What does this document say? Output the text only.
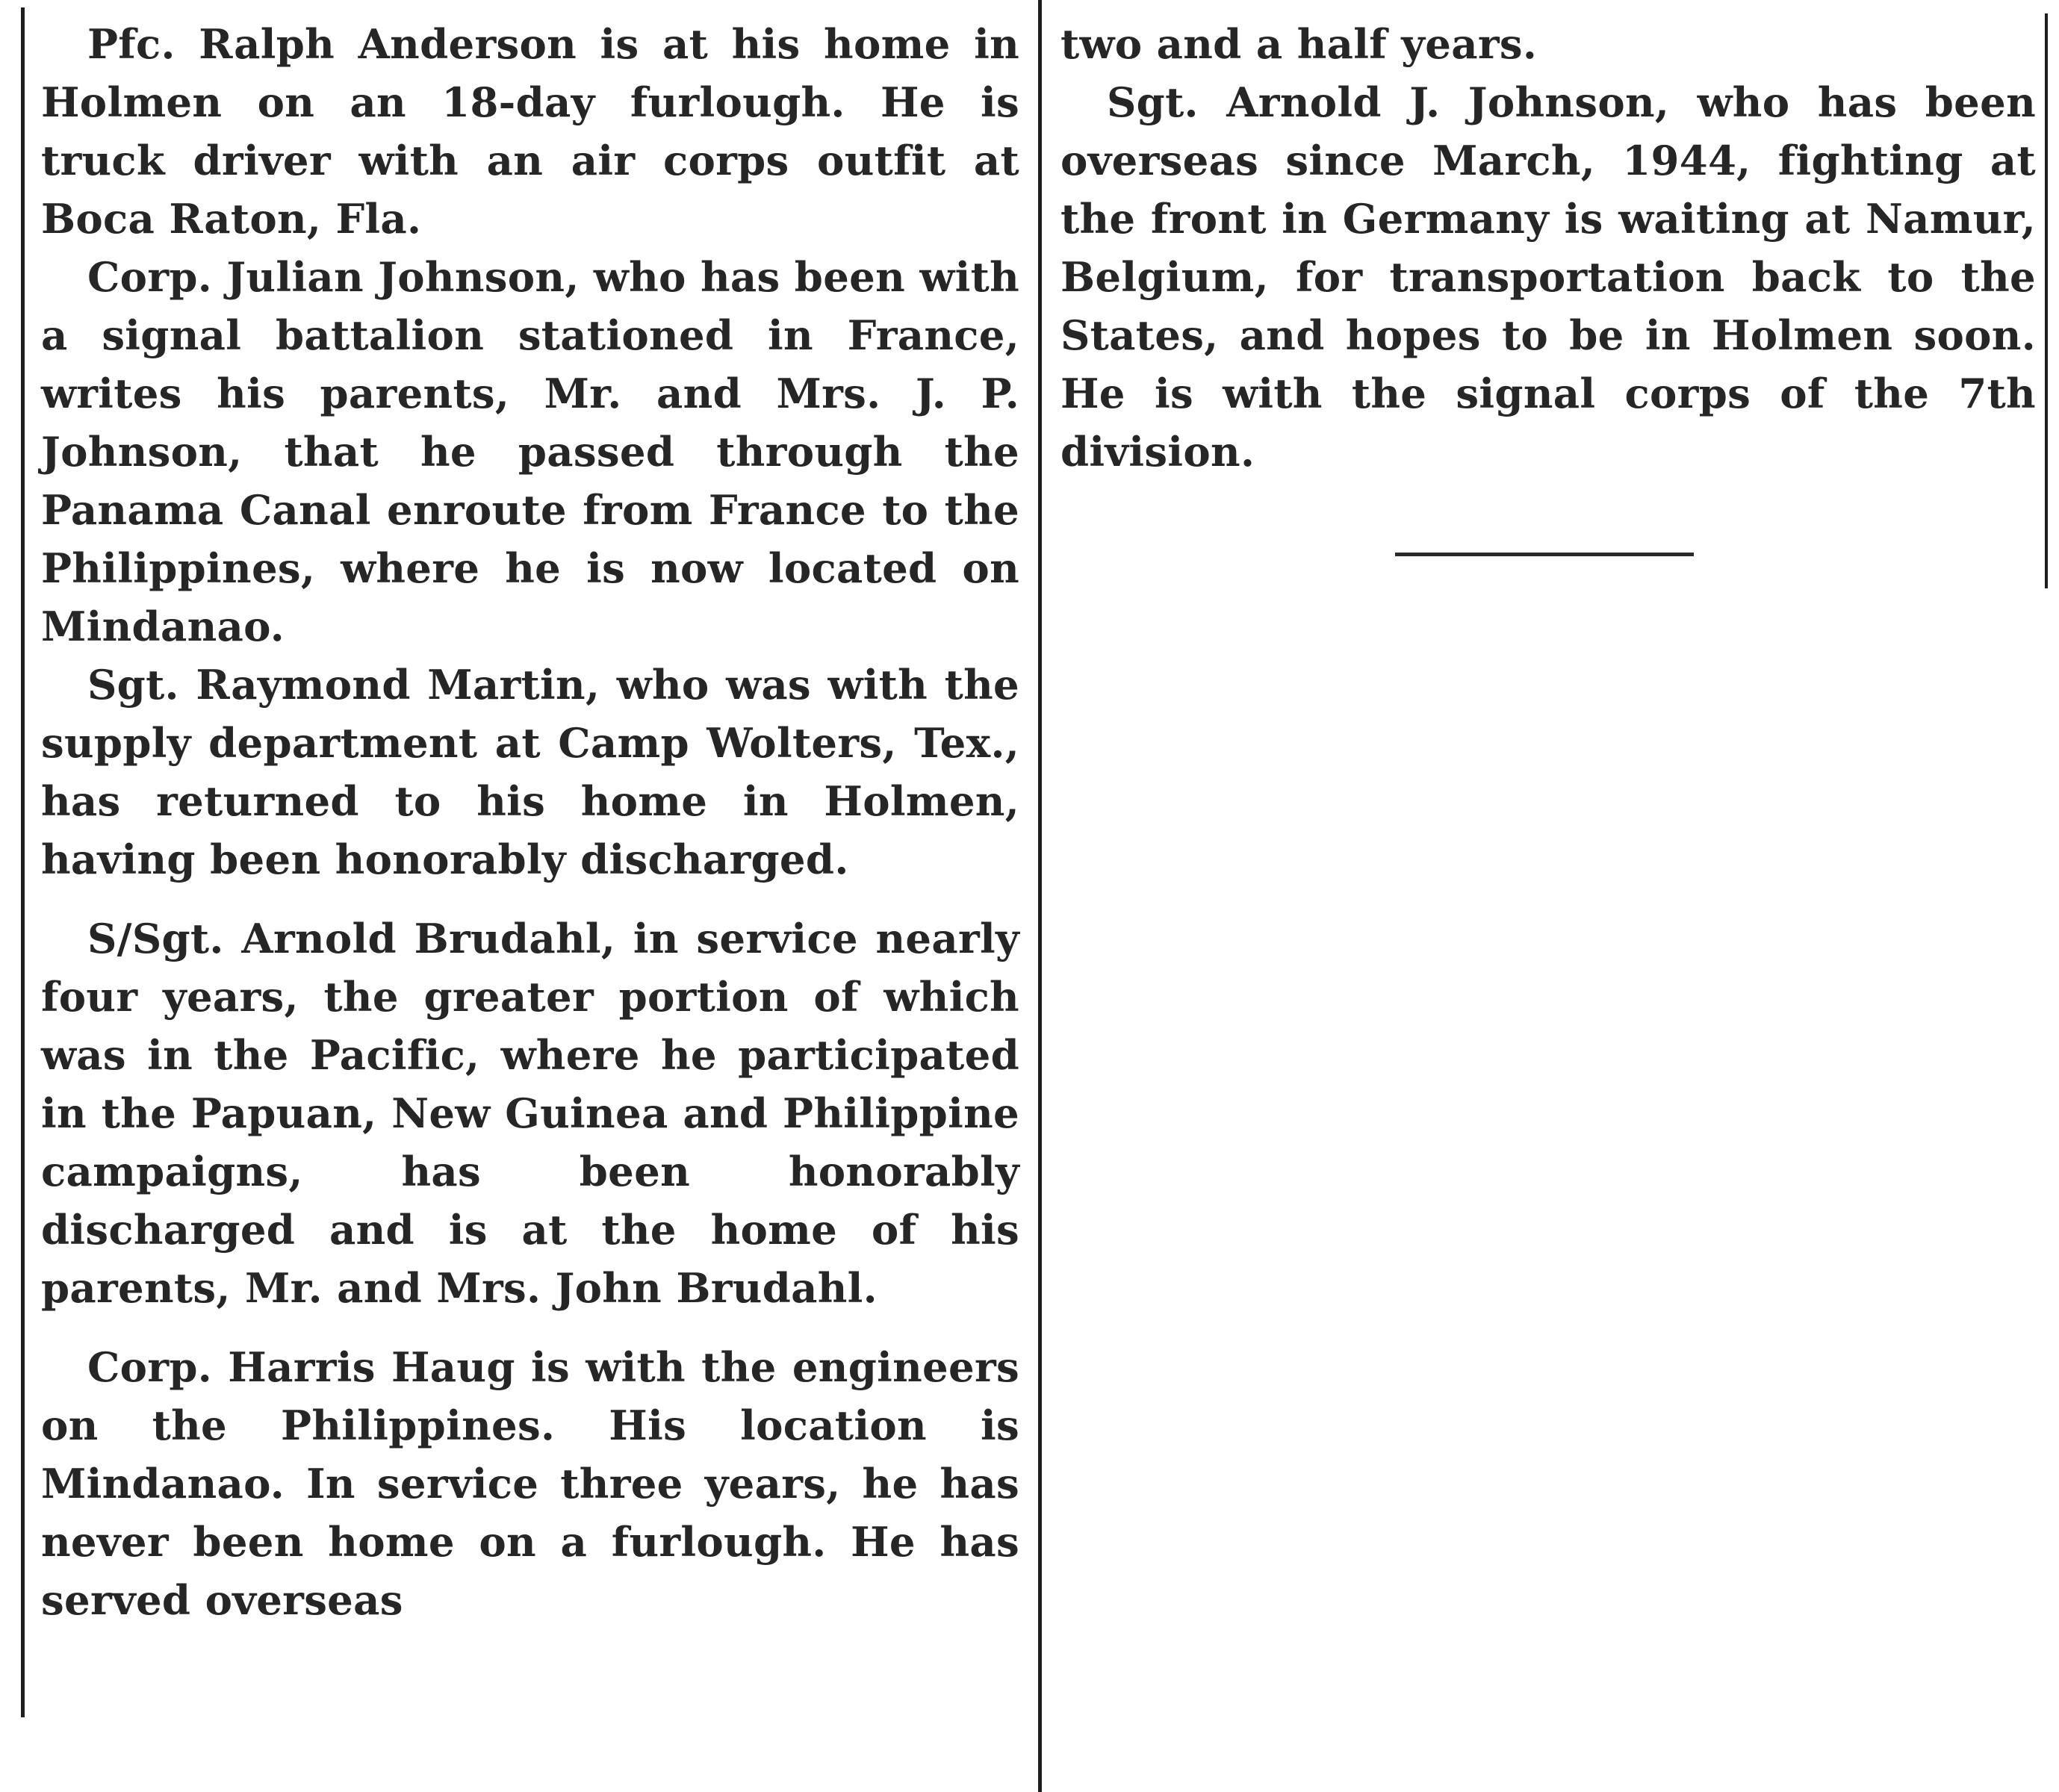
Pfc. Ralph Anderson is at his home in Holmen on an 18-day furlough. He is truck driver with an air corps outfit at Boca Raton, Fla.

Corp. Julian Johnson, who has been with a signal battalion stationed in France, writes his parents, Mr. and Mrs. J. P. Johnson, that he passed through the Panama Canal enroute from France to the Philippines, where he is now located on Mindanao.

Sgt. Raymond Martin, who was with the supply department at Camp Wolters, Tex., has returned to his home in Holmen, having been honorably discharged.

S/Sgt. Arnold Brudahl, in service nearly four years, the greater portion of which was in the Pacific, where he participated in the Papuan, New Guinea and Philippine campaigns, has been honorably discharged and is at the home of his parents, Mr. and Mrs. John Brudahl.

Corp. Harris Haug is with the engineers on the Philippines. His location is Mindanao. In service three years, he has never been home on a furlough. He has served overseas

two and a half years.

Sgt. Arnold J. Johnson, who has been overseas since March, 1944, fighting at the front in Germany is waiting at Namur, Belgium, for transportation back to the States, and hopes to be in Holmen soon. He is with the signal corps of the 7th division.
